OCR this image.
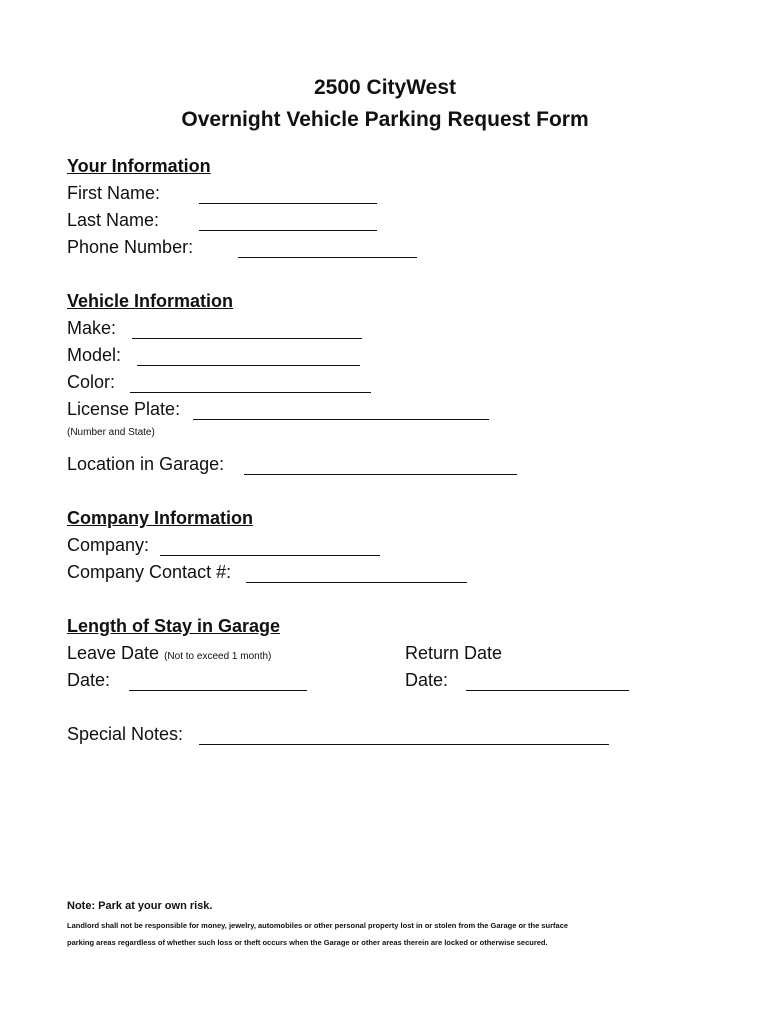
2500 CityWest
Overnight Vehicle Parking Request Form
Your Information
First Name:
Last Name:
Phone Number:
Vehicle Information
Make:
Model:
Color:
License Plate:
(Number and State)
Location in Garage:
Company Information
Company:
Company Contact #:
Length of Stay in Garage
Leave Date (Not to exceed 1 month)	Return Date
Date:	Date:
Special Notes:
Note: Park at your own risk.
Landlord shall not be responsible for money, jewelry, automobiles or other personal property lost in or stolen from the Garage or the surface
parking areas regardless of whether such loss or theft occurs when the Garage or other areas therein are locked or otherwise secured.
